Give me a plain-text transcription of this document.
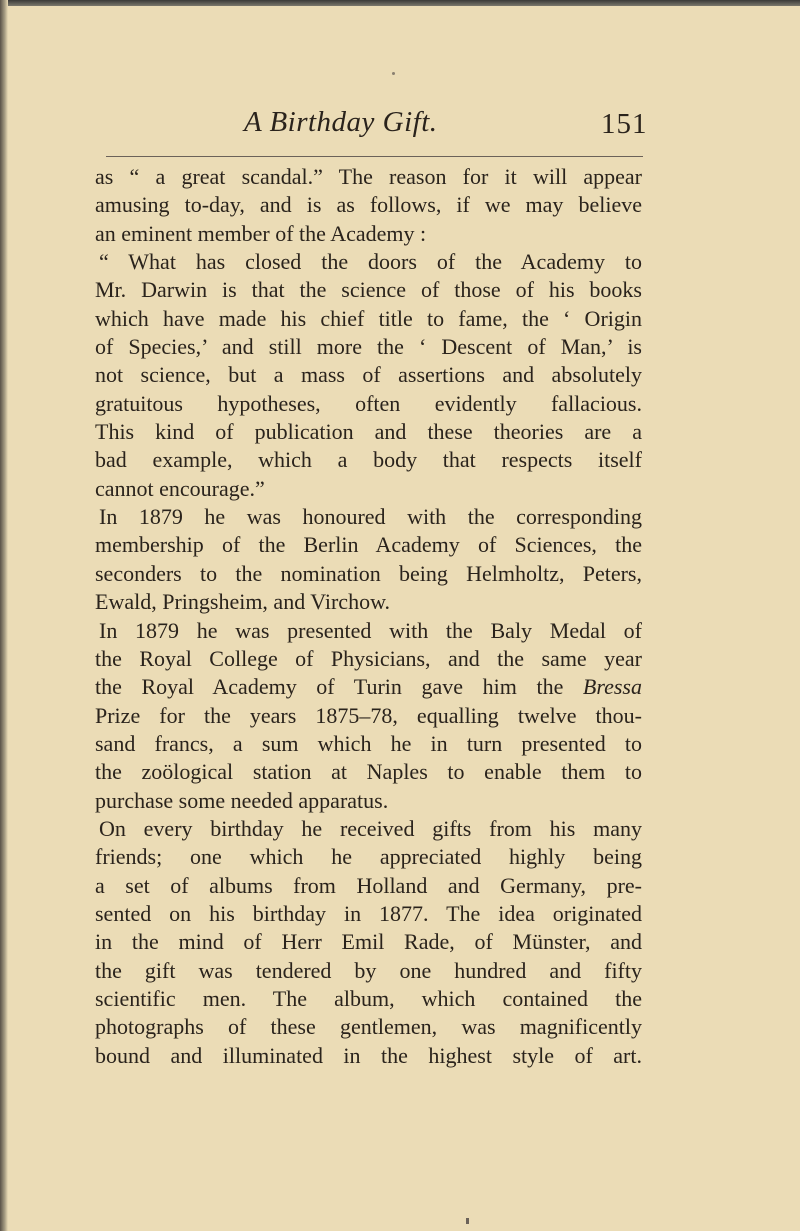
A Birthday Gift.	151
as “ a great scandal.” The reason for it will appear
amusing to-day, and is as follows, if we may believe
an eminent member of the Academy :
“ What has closed the doors of the Academy to
Mr. Darwin is that the science of those of his books
which have made his chief title to fame, the ‘ Origin
of Species,’ and still more the ‘ Descent of Man,’ is
not science, but a mass of assertions and absolutely
gratuitous hypotheses, often evidently fallacious.
This kind of publication and these theories are a
bad example, which a body that respects itself
cannot encourage.”
In 1879 he was honoured with the corresponding
membership of the Berlin Academy of Sciences, the
seconders to the nomination being Helmholtz, Peters,
Ewald, Pringsheim, and Virchow.
In 1879 he was presented with the Baly Medal of
the Royal College of Physicians, and the same year
the Royal Academy of Turin gave him the Bressa
Prize for the years 1875–78, equalling twelve thou-
sand francs, a sum which he in turn presented to
the zoölogical station at Naples to enable them to
purchase some needed apparatus.
On every birthday he received gifts from his many
friends; one which he appreciated highly being
a set of albums from Holland and Germany, pre-
sented on his birthday in 1877. The idea originated
in the mind of Herr Emil Rade, of Münster, and
the gift was tendered by one hundred and fifty
scientific men. The album, which contained the
photographs of these gentlemen, was magnificently
bound and illuminated in the highest style of art.
